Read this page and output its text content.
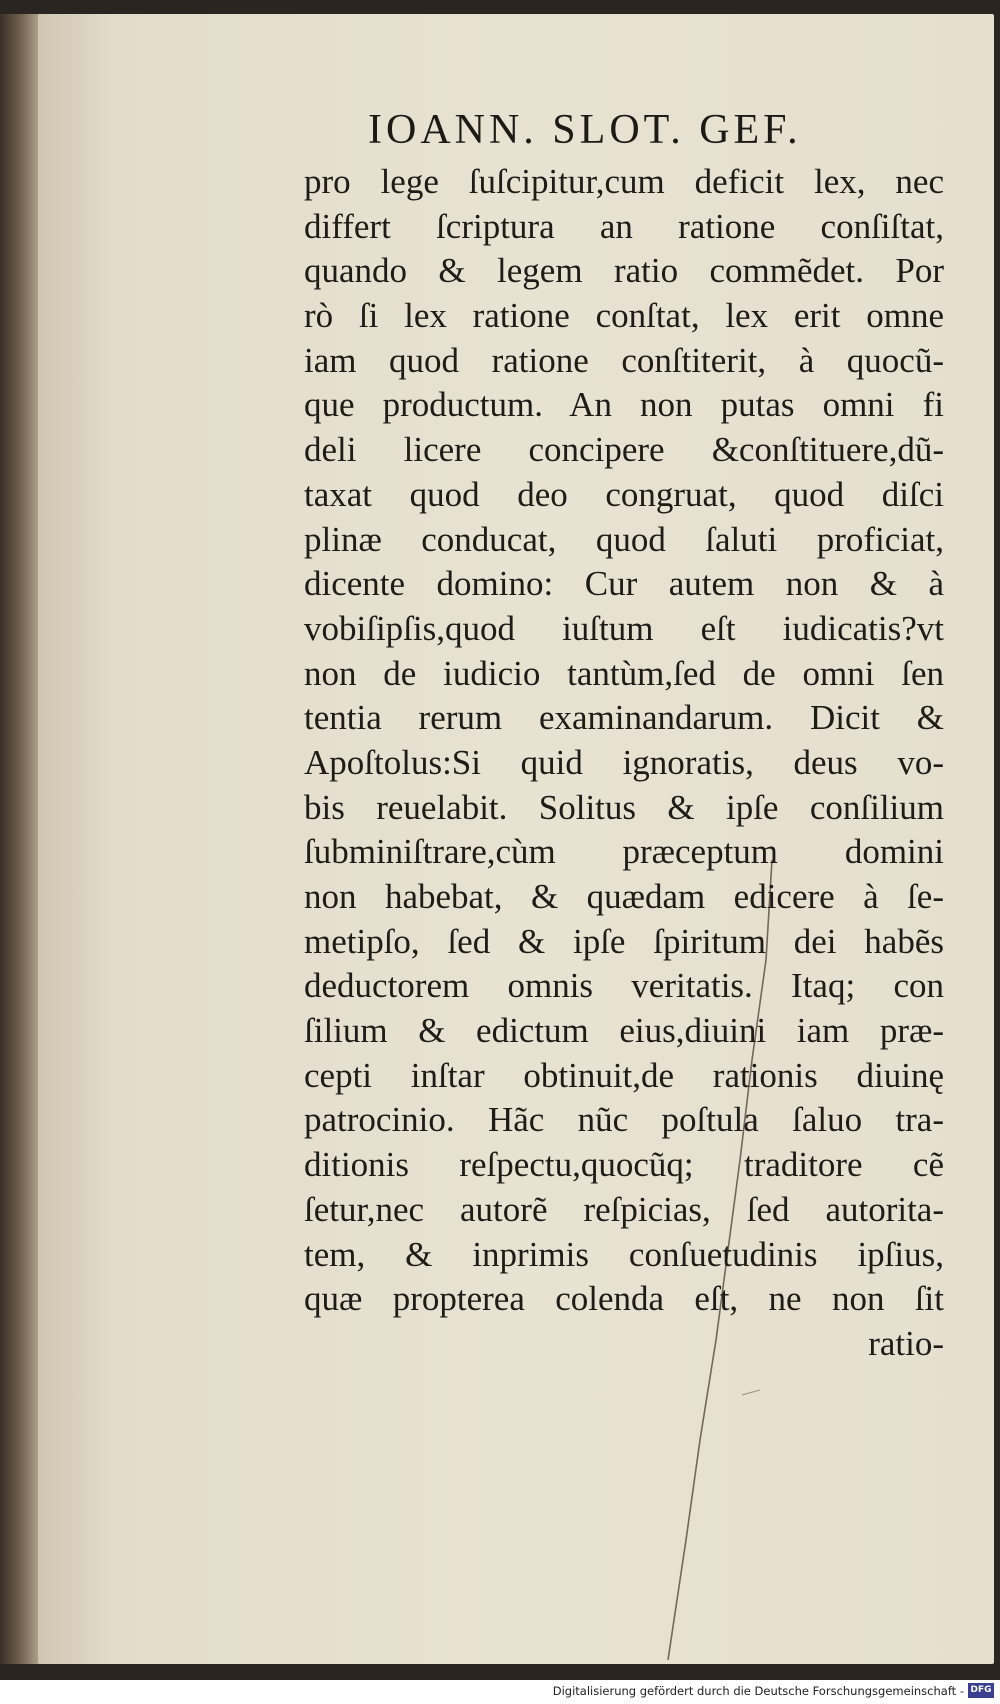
IOANN. SLOT. GEF.
pro lege ſuſcipitur,cum deficit lex, nec
differt ſcriptura an ratione conſiſtat,
quando & legem ratio commẽdet. Por
rò ſi lex ratione conſtat, lex erit omne
iam quod ratione conſtiterit, à quocũ-
que productum. An non putas omni fi
deli licere concipere &conſtituere,dũ-
taxat quod deo congruat, quod diſci
plinæ conducat, quod ſaluti proficiat,
dicente domino: Cur autem non & à
vobiſipſis,quod iuſtum eſt iudicatis?vt
non de iudicio tantùm,ſed de omni ſen
tentia rerum examinandarum. Dicit &
Apoſtolus:Si quid ignoratis, deus vo-
bis reuelabit. Solitus & ipſe conſilium
ſubminiſtrare,cùm præceptum domini
non habebat, & quædam edicere à ſe-
metipſo, ſed & ipſe ſpiritum dei habẽs
deductorem omnis veritatis. Itaq; con
ſilium & edictum eius,diuini iam præ-
cepti inſtar obtinuit,de rationis diuinę
patrocinio. Hãc nũc poſtula ſaluo tra-
ditionis reſpectu,quocũq; traditore cẽ
ſetur,nec autorẽ reſpicias, ſed autorita-
tem, & inprimis conſuetudinis ipſius,
quæ propterea colenda eſt, ne non ſit
ratio-
Digitalisierung gefördert durch die Deutsche Forschungsgemeinschaft - DFG
